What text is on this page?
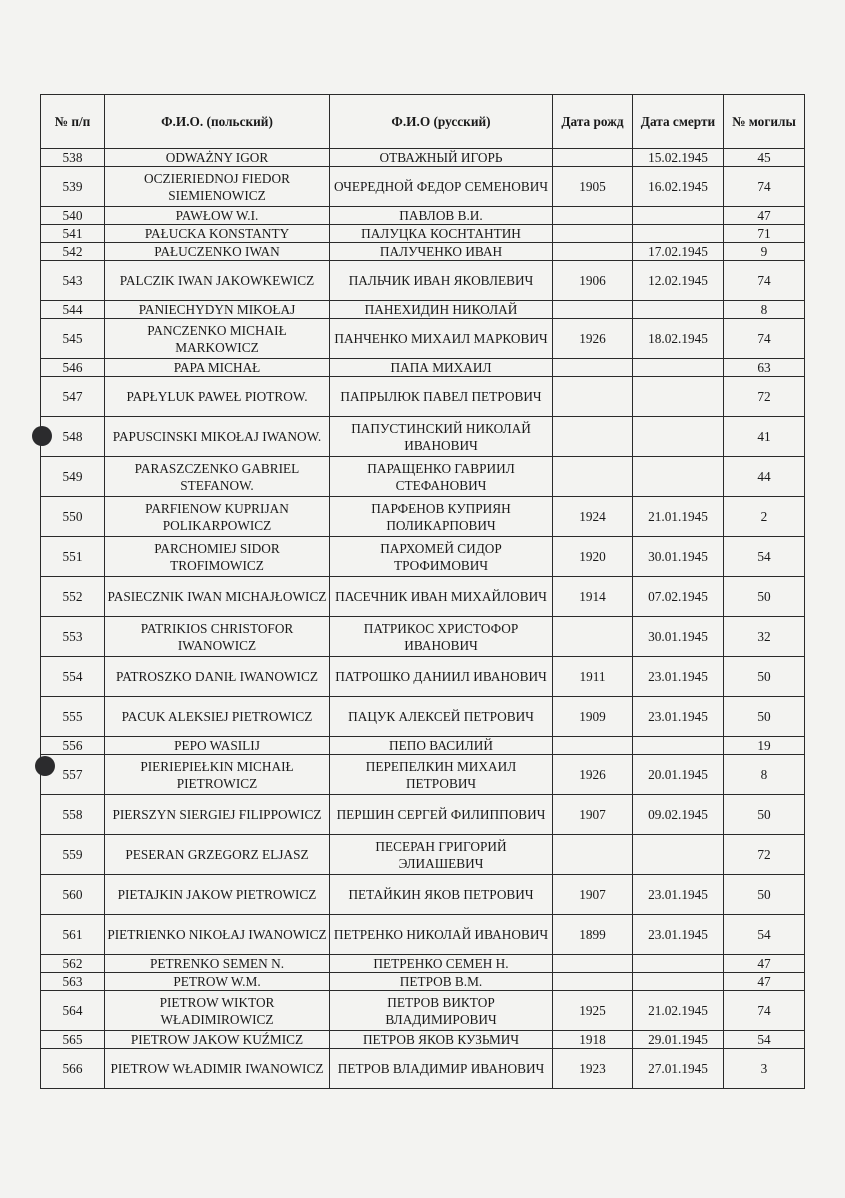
№ п/п	Ф.И.О. (польский)	Ф.И.О (русский)	Дата рожд	Дата смерти	№ могилы
538	ODWAŻNY IGOR	ОТВАЖНЫЙ ИГОРЬ		15.02.1945	45
539	OCZIERIEDNOJ FIEDOR SIEMIENOWICZ	ОЧЕРЕДНОЙ ФЕДОР СЕМЕНОВИЧ	1905	16.02.1945	74
540	PAWŁOW W.I.	ПАВЛОВ В.И.			47
541	PAŁUCKA KONSTANTY	ПАЛУЦКА КОСНТАНТИН			71
542	PAŁUCZENKO IWAN	ПАЛУЧЕНКО ИВАН		17.02.1945	9
543	PALCZIK IWAN JAKOWKEWICZ	ПАЛЬЧИК ИВАН ЯКОВЛЕВИЧ	1906	12.02.1945	74
544	PANIECHYDYN MIKOŁAJ	ПАНЕХИДИН НИКОЛАЙ			8
545	PANCZENKO MICHAIŁ MARKOWICZ	ПАНЧЕНКО МИХАИЛ МАРКОВИЧ	1926	18.02.1945	74
546	PAPA MICHAŁ	ПАПА МИХАИЛ			63
547	PAPŁYLUK PAWEŁ PIOTROW.	ПАПРЫЛЮК ПАВЕЛ ПЕТРОВИЧ			72
548	PAPUSCINSKI MIKOŁAJ IWANOW.	ПАПУСТИНСКИЙ НИКОЛАЙ ИВАНОВИЧ			41
549	PARASZCZENKO GABRIEL STEFANOW.	ПАРАЩЕНКО ГАВРИИЛ СТЕФАНОВИЧ			44
550	PARFIENOW KUPRIJAN POLIKARPOWICZ	ПАРФЕНОВ КУПРИЯН ПОЛИКАРПОВИЧ	1924	21.01.1945	2
551	PARCHOMIEJ SIDOR TROFIMOWICZ	ПАРХОМЕЙ СИДОР ТРОФИМОВИЧ	1920	30.01.1945	54
552	PASIECZNIK IWAN MICHAJŁOWICZ	ПАСЕЧНИК ИВАН МИХАЙЛОВИЧ	1914	07.02.1945	50
553	PATRIKIOS CHRISTOFOR IWANOWICZ	ПАТРИКОС ХРИСТОФОР ИВАНОВИЧ		30.01.1945	32
554	PATROSZKO DANIŁ IWANOWICZ	ПАТРОШКО ДАНИИЛ ИВАНОВИЧ	1911	23.01.1945	50
555	PACUK ALEKSIEJ PIETROWICZ	ПАЦУК АЛЕКСЕЙ ПЕТРОВИЧ	1909	23.01.1945	50
556	PEPO WASILIJ	ПЕПО ВАСИЛИЙ			19
557	PIERIEPIEŁKIN MICHAIŁ PIETROWICZ	ПЕРЕПЕЛКИН МИХАИЛ ПЕТРОВИЧ	1926	20.01.1945	8
558	PIERSZYN SIERGIEJ FILIPPOWICZ	ПЕРШИН СЕРГЕЙ ФИЛИППОВИЧ	1907	09.02.1945	50
559	PESERAN GRZEGORZ ELJASZ	ПЕСЕРАН ГРИГОРИЙ ЭЛИАШЕВИЧ			72
560	PIETAJKIN JAKOW PIETROWICZ	ПЕТАЙКИН ЯКОВ ПЕТРОВИЧ	1907	23.01.1945	50
561	PIETRIENKO NIKOŁAJ IWANOWICZ	ПЕТРЕНКО НИКОЛАЙ ИВАНОВИЧ	1899	23.01.1945	54
562	PETRENKO SEMEN N.	ПЕТРЕНКО СЕМЕН Н.			47
563	PETROW W.M.	ПЕТРОВ В.М.			47
564	PIETROW WIKTOR WŁADIMIROWICZ	ПЕТРОВ ВИКТОР ВЛАДИМИРОВИЧ	1925	21.02.1945	74
565	PIETROW JAKOW KUŹMICZ	ПЕТРОВ ЯКОВ КУЗЬМИЧ	1918	29.01.1945	54
566	PIETROW WŁADIMIR IWANOWICZ	ПЕТРОВ ВЛАДИМИР ИВАНОВИЧ	1923	27.01.1945	3
